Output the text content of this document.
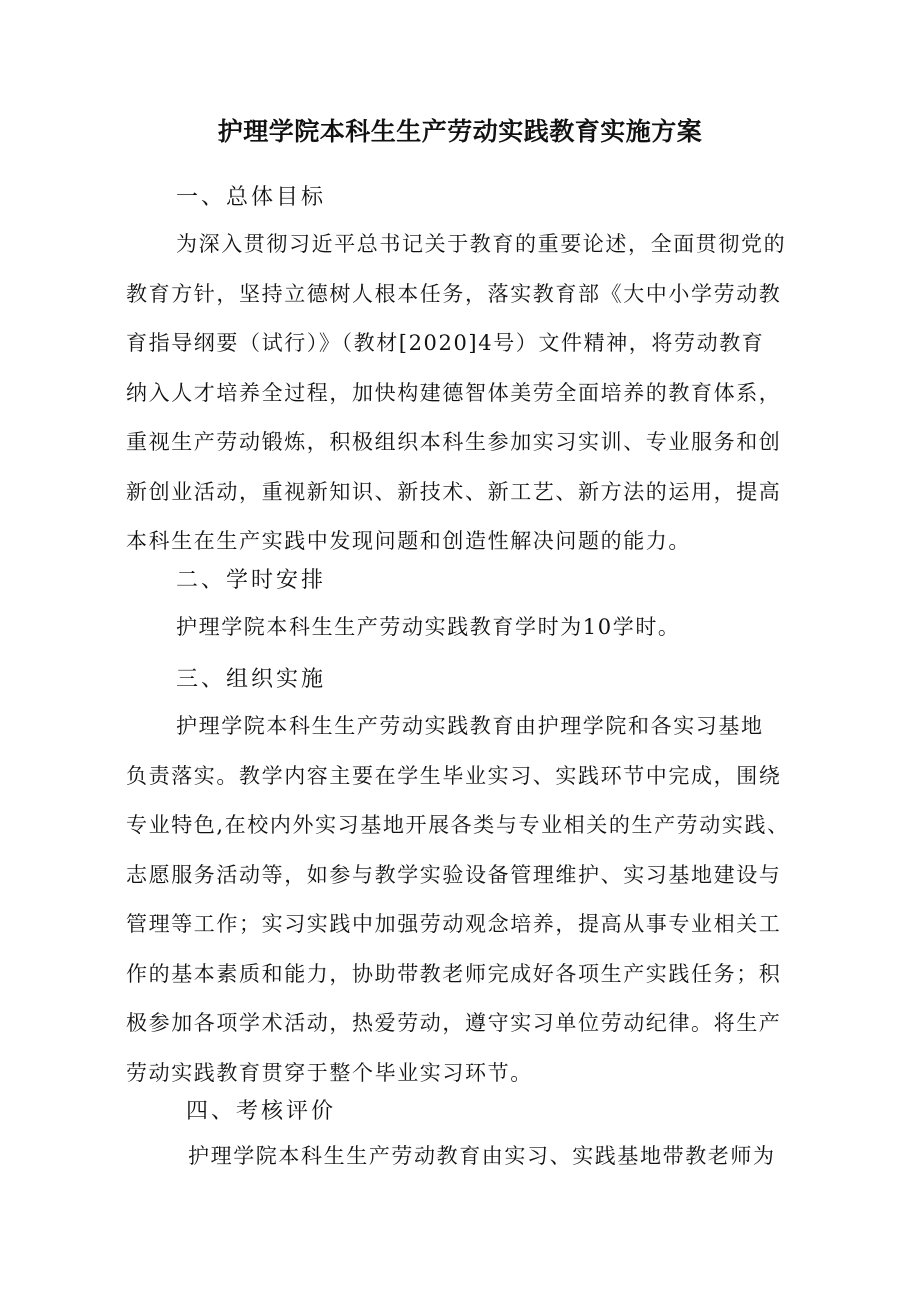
护理学院本科生生产劳动实践教育实施方案

一、总体目标

为深入贯彻习近平总书记关于教育的重要论述，全面贯彻党的
教育方针，坚持立德树人根本任务，落实教育部《大中小学劳动教
育指导纲要（试行）》（教材[2020]4号）文件精神，将劳动教育
纳入人才培养全过程，加快构建德智体美劳全面培养的教育体系，
重视生产劳动锻炼，积极组织本科生参加实习实训、专业服务和创
新创业活动，重视新知识、新技术、新工艺、新方法的运用，提高
本科生在生产实践中发现问题和创造性解决问题的能力。

二、学时安排

护理学院本科生生产劳动实践教育学时为10学时。

三、组织实施

护理学院本科生生产劳动实践教育由护理学院和各实习基地
负责落实。教学内容主要在学生毕业实习、实践环节中完成，围绕
专业特色,在校内外实习基地开展各类与专业相关的生产劳动实践、
志愿服务活动等，如参与教学实验设备管理维护、实习基地建设与
管理等工作；实习实践中加强劳动观念培养，提高从事专业相关工
作的基本素质和能力，协助带教老师完成好各项生产实践任务；积
极参加各项学术活动，热爱劳动，遵守实习单位劳动纪律。将生产
劳动实践教育贯穿于整个毕业实习环节。

四、考核评价

护理学院本科生生产劳动教育由实习、实践基地带教老师为
